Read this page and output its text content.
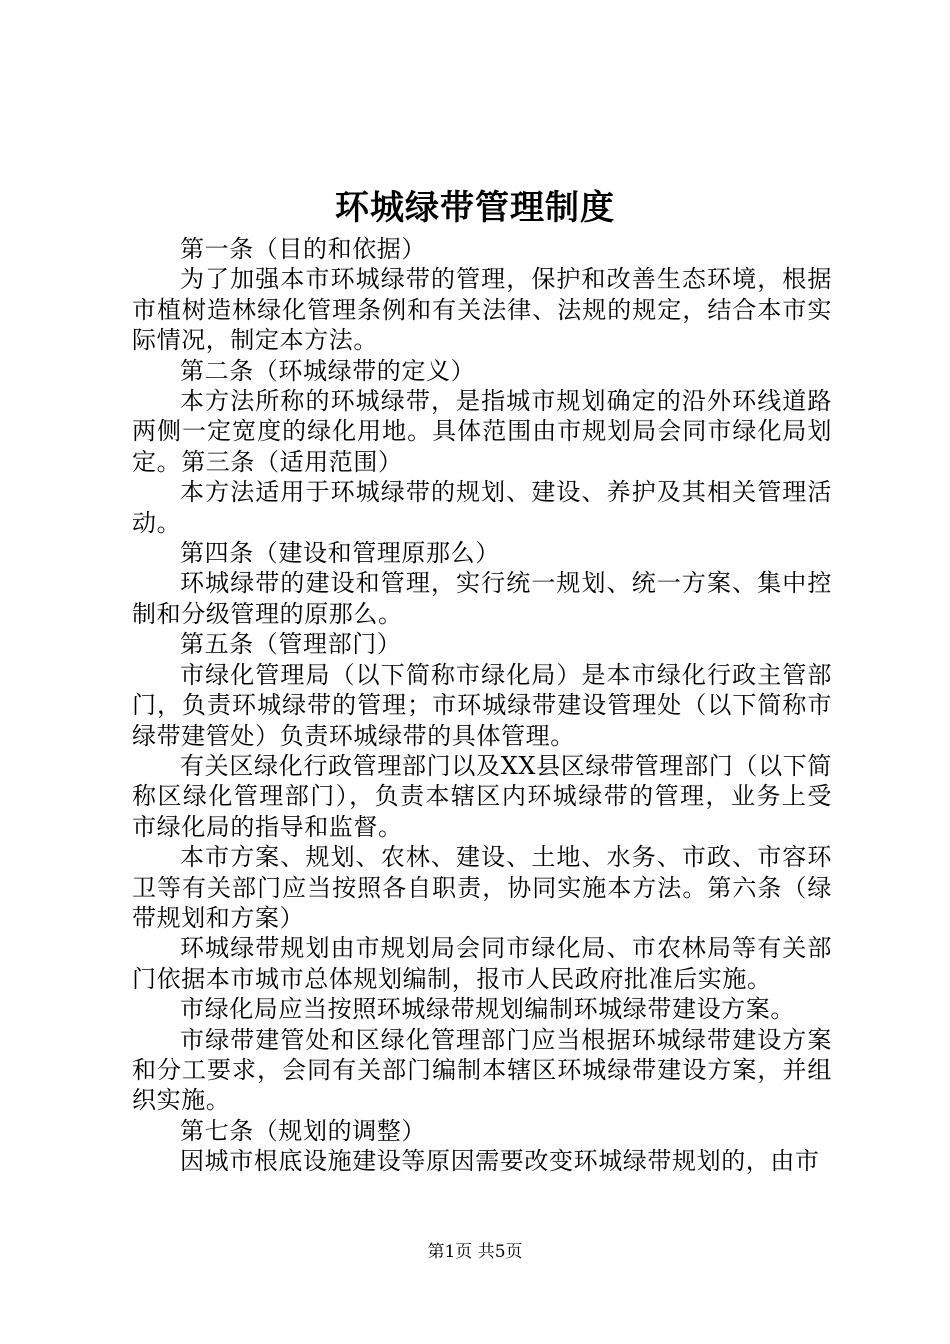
环城绿带管理制度

第一条（目的和依据）

为了加强本市环城绿带的管理，保护和改善生态环境，根据市植树造林绿化管理条例和有关法律、法规的规定，结合本市实际情况，制定本方法。

第二条（环城绿带的定义）

本方法所称的环城绿带，是指城市规划确定的沿外环线道路两侧一定宽度的绿化用地。具体范围由市规划局会同市绿化局划定。第三条（适用范围）

本方法适用于环城绿带的规划、建设、养护及其相关管理活动。

第四条（建设和管理原那么）

环城绿带的建设和管理，实行统一规划、统一方案、集中控制和分级管理的原那么。

第五条（管理部门）

市绿化管理局（以下简称市绿化局）是本市绿化行政主管部门，负责环城绿带的管理；市环城绿带建设管理处（以下简称市绿带建管处）负责环城绿带的具体管理。

有关区绿化行政管理部门以及XX县区绿带管理部门（以下简称区绿化管理部门），负责本辖区内环城绿带的管理，业务上受市绿化局的指导和监督。

本市方案、规划、农林、建设、土地、水务、市政、市容环卫等有关部门应当按照各自职责，协同实施本方法。第六条（绿带规划和方案）

环城绿带规划由市规划局会同市绿化局、市农林局等有关部门依据本市城市总体规划编制，报市人民政府批准后实施。

市绿化局应当按照环城绿带规划编制环城绿带建设方案。

市绿带建管处和区绿化管理部门应当根据环城绿带建设方案和分工要求，会同有关部门编制本辖区环城绿带建设方案，并组织实施。

第七条（规划的调整）

因城市根底设施建设等原因需要改变环城绿带规划的，由市

第1页 共5页
